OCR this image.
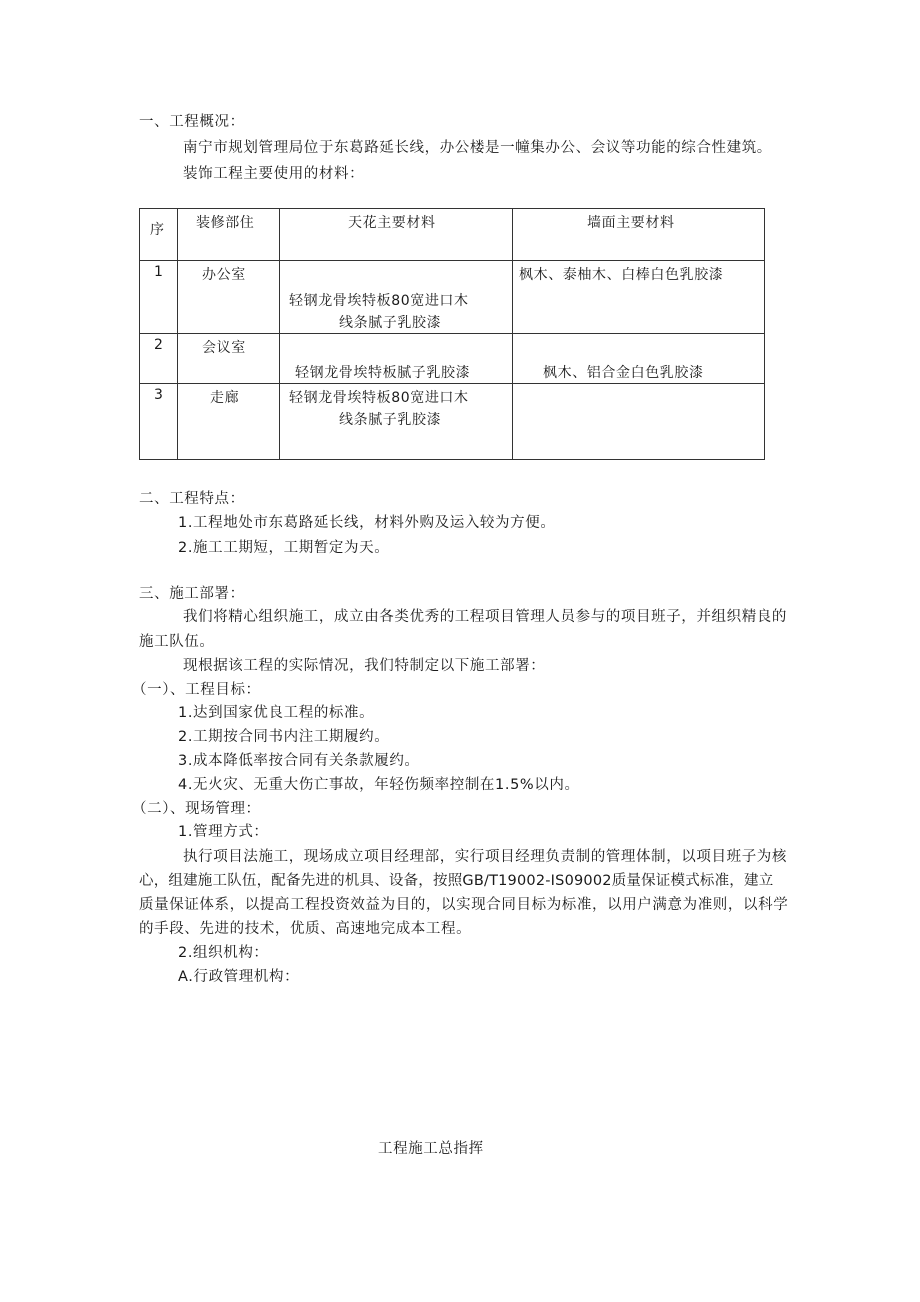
一、工程概况：
南宁市规划管理局位于东葛路延长线，办公楼是一幢集办公、会议等功能的综合性建筑。
装饰工程主要使用的材料：
序	装修部住	天花主要材料	墙面主要材料

1	办公室	轻钢龙骨埃特板80宽进口木
线条腻子乳胶漆	枫木、泰柚木、白棒白色乳胶漆

2	会议室	轻钢龙骨埃特板腻子乳胶漆	枫木、铝合金白色乳胶漆

3	走廊	轻钢龙骨埃特板80宽进口木
线条腻子乳胶漆	

二、工程特点：
1.工程地处市东葛路延长线，材料外购及运入较为方便。
2.施工工期短，工期暂定为天。
三、施工部署：
我们将精心组织施工，成立由各类优秀的工程项目管理人员参与的项目班子，并组织精良的
施工队伍。
现根据该工程的实际情况，我们特制定以下施工部署：
（一）、工程目标：
1.达到国家优良工程的标准。
2.工期按合同书内注工期履约。
3.成本降低率按合同有关条款履约。
4.无火灾、无重大伤亡事故，年轻伤频率控制在1.5%以内。
（二）、现场管理：
1.管理方式：
执行项目法施工，现场成立项目经理部，实行项目经理负责制的管理体制，以项目班子为核
心，组建施工队伍，配备先进的机具、设备，按照GB/T19002-IS09002质量保证模式标准，建立
质量保证体系，以提高工程投资效益为目的，以实现合同目标为标准，以用户满意为准则，以科学
的手段、先进的技术，优质、高速地完成本工程。
2.组织机构：
A.行政管理机构：
工程施工总指挥
